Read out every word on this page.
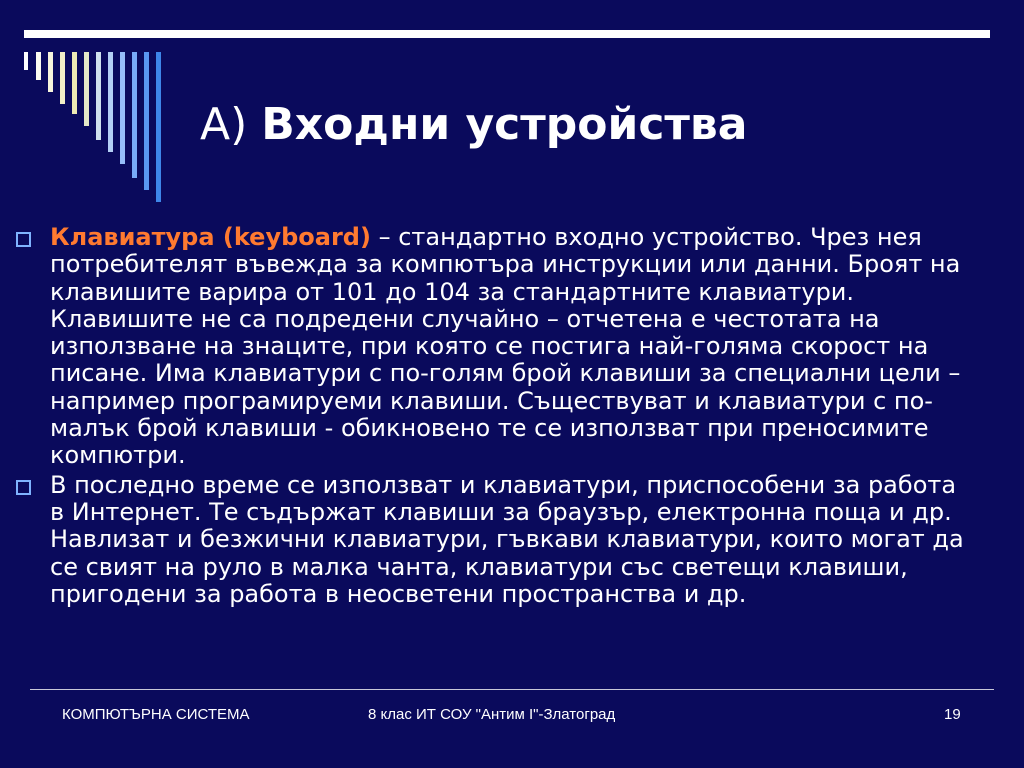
А) Входни устройства
Клавиатура (keyboard) – стандартно входно устройство. Чрез нея потребителят въвежда за компютъра инструкции или данни. Броят на клавишите варира от 101 до 104 за стандартните клавиатури. Клавишите не са подредени случайно – отчетена е честотата на използване на знаците, при която се постига най-голяма скорост на писане. Има клавиатури с по-голям брой клавиши за специални цели – например програмируеми клавиши. Съществуват и клавиатури с по-малък брой клавиши - обикновено те се използват при преносимите компютри.
В последно време се използват и клавиатури, приспособени за работа в Интернет. Те съдържат клавиши за браузър, електронна поща и др. Навлизат и безжични клавиатури, гъвкави клавиатури, които могат да се свият на руло в малка чанта, клавиатури със светещи клавиши, пригодени за работа в неосветени пространства и др.
КОМПЮТЪРНА СИСТЕМА	8 клас ИТ СОУ "Антим I"-Златоград	19
